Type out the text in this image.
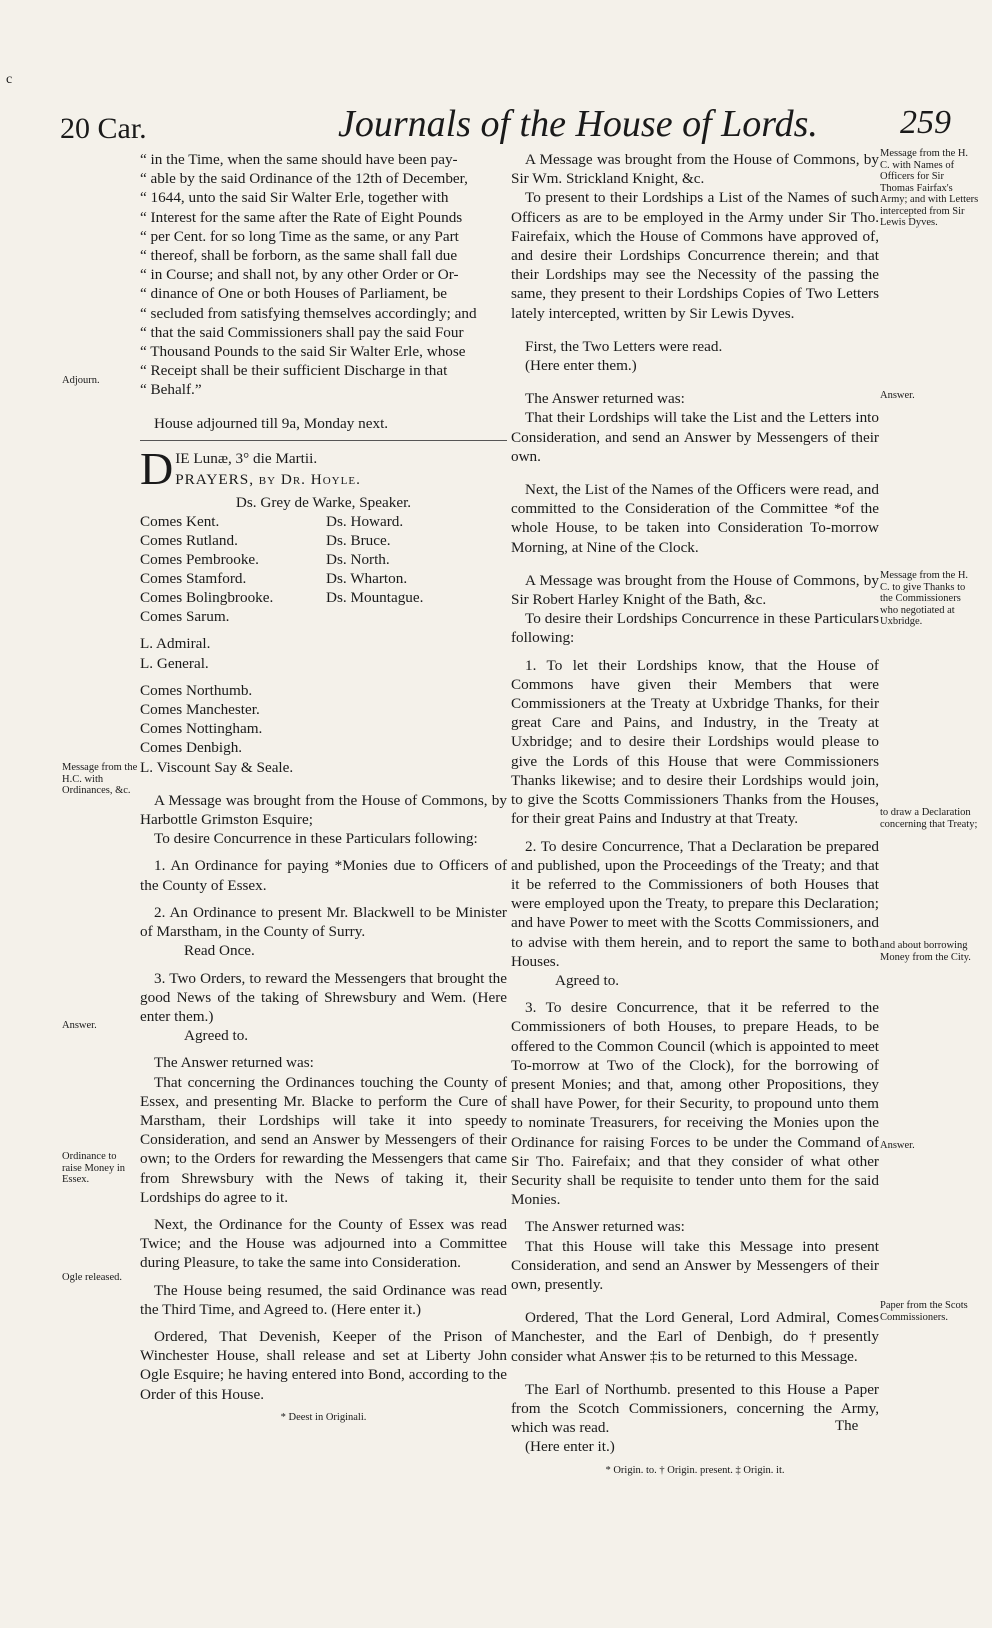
c
20 Car.	Journals of the House of Lords. 259
Adjourn.
Message from the H.C. with Ordinances, &c.
Answer.
Ordinance to raise Money in Essex.
Ogle released.
Message from the H. C. with Names of Officers for Sir Thomas Fairfax's Army; and with Letters intercepted from Sir Lewis Dyves.
Answer.
Message from the H. C. to give Thanks to the Commissioners who negotiated at Uxbridge.
to draw a Declaration concerning that Treaty;
and about borrowing Money from the City.
Answer.
Paper from the Scots Commissioners.
“ in the Time, when the same should have been pay-
“ able by the said Ordinance of the 12th of December,
“ 1644, unto the said Sir Walter Erle, together with
“ Interest for the same after the Rate of Eight Pounds
“ per Cent. for so long Time as the same, or any Part
“ thereof, shall be forborn, as the same shall fall due
“ in Course; and shall not, by any other Order or Or-
“ dinance of One or both Houses of Parliament, be
“ secluded from satisfying themselves accordingly; and
“ that the said Commissioners shall pay the said Four
“ Thousand Pounds to the said Sir Walter Erle, whose
“ Receipt shall be their sufficient Discharge in that
“ Behalf.”
House adjourned till 9a, Monday next.
D IE Lunæ, 3° die Martii.
PRAYERS, by Dr. Hoyle.
Ds. Grey de Warke, Speaker.
Comes Kent.	Ds. Howard.
Comes Rutland.	Ds. Bruce.
Comes Pembrooke.	Ds. North.
Comes Stamford.	Ds. Wharton.
Comes Bolingbrooke.	Ds. Mountague.
Comes Sarum.
L. Admiral.
L. General.
Comes Northumb.
Comes Manchester.
Comes Nottingham.
Comes Denbigh.
L. Viscount Say & Seale.
A Message was brought from the House of Commons, by Harbottle Grimston Esquire;
To desire Concurrence in these Particulars following:
1. An Ordinance for paying *Monies due to Officers of the County of Essex.
2. An Ordinance to present Mr. Blackwell to be Minister of Marstham, in the County of Surry.
Read Once.
3. Two Orders, to reward the Messengers that brought the good News of the taking of Shrewsbury and Wem. (Here enter them.)
Agreed to.
The Answer returned was:
That concerning the Ordinances touching the County of Essex, and presenting Mr. Blacke to perform the Cure of Marstham, their Lordships will take it into speedy Consideration, and send an Answer by Messengers of their own; to the Orders for rewarding the Messengers that came from Shrewsbury with the News of taking it, their Lordships do agree to it.
Next, the Ordinance for the County of Essex was read Twice; and the House was adjourned into a Committee during Pleasure, to take the same into Consideration.
The House being resumed, the said Ordinance was read the Third Time, and Agreed to. (Here enter it.)
Ordered, That Devenish, Keeper of the Prison of Winchester House, shall release and set at Liberty John Ogle Esquire; he having entered into Bond, according to the Order of this House.
* Deest in Originali.
A Message was brought from the House of Commons, by Sir Wm. Strickland Knight, &c.
To present to their Lordships a List of the Names of such Officers as are to be employed in the Army under Sir Tho. Fairefaix, which the House of Commons have approved of, and desire their Lordships Concurrence therein; and that their Lordships may see the Necessity of the passing the same, they present to their Lordships Copies of Two Letters lately intercepted, written by Sir Lewis Dyves.
First, the Two Letters were read.
(Here enter them.)
The Answer returned was:
That their Lordships will take the List and the Letters into Consideration, and send an Answer by Messengers of their own.
Next, the List of the Names of the Officers were read, and committed to the Consideration of the Committee *of the whole House, to be taken into Consideration To-morrow Morning, at Nine of the Clock.
A Message was brought from the House of Commons, by Sir Robert Harley Knight of the Bath, &c.
To desire their Lordships Concurrence in these Particulars following:
1. To let their Lordships know, that the House of Commons have given their Members that were Commissioners at the Treaty at Uxbridge Thanks, for their great Care and Pains, and Industry, in the Treaty at Uxbridge; and to desire their Lordships would please to give the Lords of this House that were Commissioners Thanks likewise; and to desire their Lordships would join, to give the Scotts Commissioners Thanks from the Houses, for their great Pains and Industry at that Treaty.
2. To desire Concurrence, That a Declaration be prepared and published, upon the Proceedings of the Treaty; and that it be referred to the Commissioners of both Houses that were employed upon the Treaty, to prepare this Declaration; and have Power to meet with the Scotts Commissioners, and to advise with them herein, and to report the same to both Houses.
Agreed to.
3. To desire Concurrence, that it be referred to the Commissioners of both Houses, to prepare Heads, to be offered to the Common Council (which is appointed to meet To-morrow at Two of the Clock), for the borrowing of present Monies; and that, among other Propositions, they shall have Power, for their Security, to propound unto them to nominate Treasurers, for receiving the Monies upon the Ordinance for raising Forces to be under the Command of Sir Tho. Fairefaix; and that they consider of what other Security shall be requisite to tender unto them for the said Monies.
The Answer returned was:
That this House will take this Message into present Consideration, and send an Answer by Messengers of their own, presently.
Ordered, That the Lord General, Lord Admiral, Comes Manchester, and the Earl of Denbigh, do †presently consider what Answer ‡is to be returned to this Message.
The Earl of Northumb. presented to this House a Paper from the Scotch Commissioners, concerning the Army, which was read.
(Here enter it.)
* Origin. to. † Origin. present. ‡ Origin. it.
The
